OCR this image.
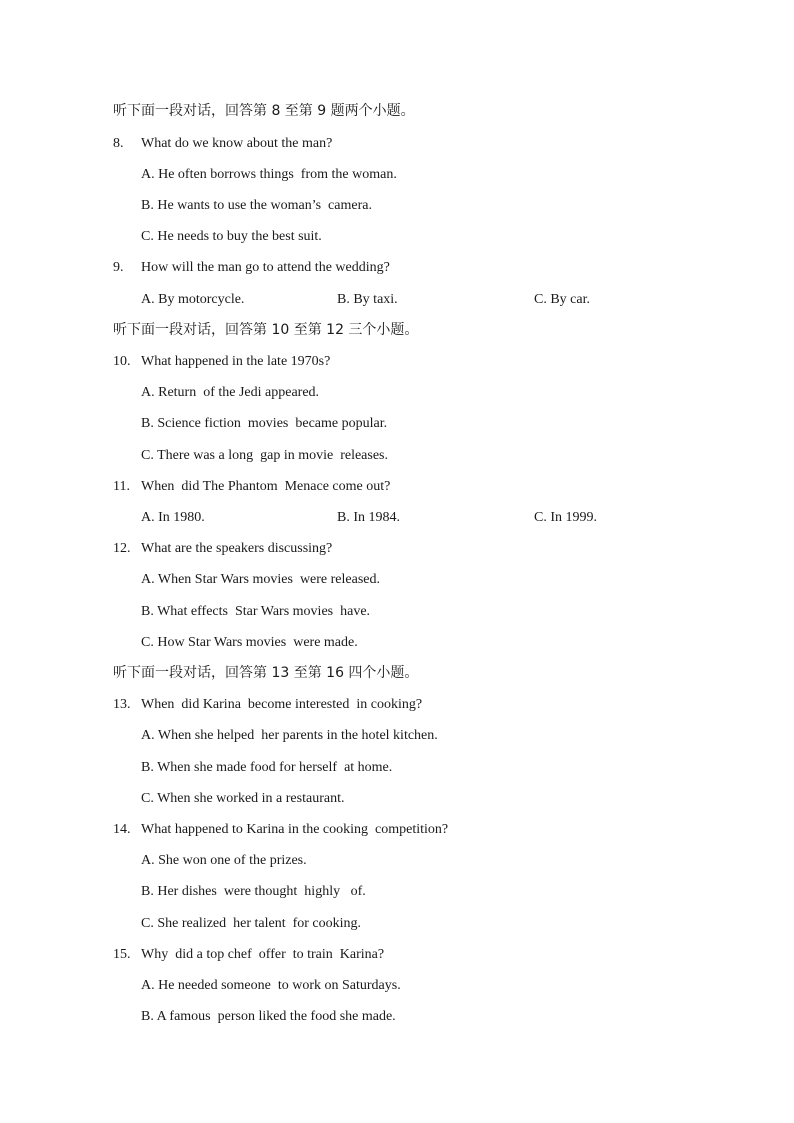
听下面一段对话，回答第 8 至第 9 题两个小题。
8. What do we know about the man?
A. He often borrows things  from the woman.
B. He wants to use the woman’s  camera.
C. He needs to buy the best suit.
9. How will the man go to attend the wedding?
A. By motorcycle.	B. By taxi.	C. By car.
听下面一段对话，回答第 10 至第 12 三个小题。
10. What happened in the late 1970s?
A. Return  of the Jedi appeared.
B. Science fiction  movies  became popular.
C. There was a long  gap in movie  releases.
11. When  did The Phantom  Menace come out?
A. In 1980.	B. In 1984.	C. In 1999.
12. What are the speakers discussing?
A. When Star Wars movies  were released.
B. What effects  Star Wars movies  have.
C. How Star Wars movies  were made.
听下面一段对话，回答第 13 至第 16 四个小题。
13. When  did Karina  become interested  in cooking?
A. When she helped  her parents in the hotel kitchen.
B. When she made food for herself  at home.
C. When she worked in a restaurant.
14. What happened to Karina in the cooking  competition?
A. She won one of the prizes.
B. Her dishes  were thought  highly   of.
C. She realized  her talent  for cooking.
15. Why  did a top chef  offer  to train  Karina?
A. He needed someone  to work on Saturdays.
B. A famous  person liked the food she made.
